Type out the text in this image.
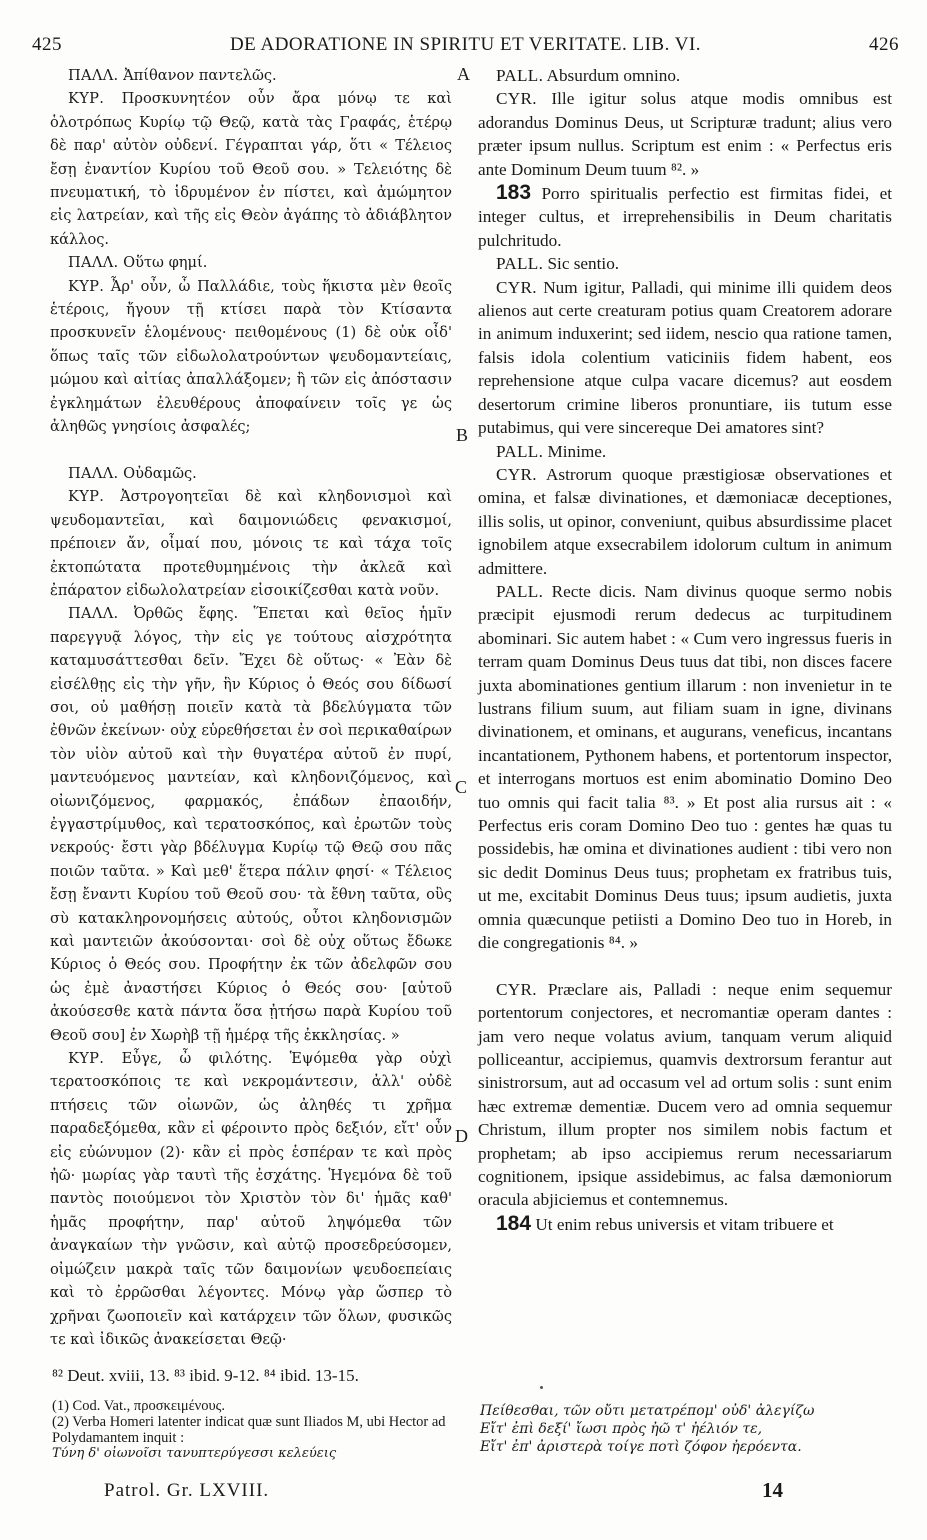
425	DE ADORATIONE IN SPIRITU ET VERITATE. LIB. VI.	426

ΠΑΛΛ. Ἀπίθανον παντελῶς.

ΚΥΡ. Προσκυνητέον οὖν ἄρα μόνῳ τε καὶ ὁλοτρόπως Κυρίῳ τῷ Θεῷ, κατὰ τὰς Γραφάς, ἑτέρῳ δὲ παρ' αὐτὸν οὐδενί. Γέγραπται γάρ, ὅτι « Τέλειος ἔσῃ ἐναντίον Κυρίου τοῦ Θεοῦ σου. » Τελειότης δὲ πνευματική, τὸ ἱδρυμένον ἐν πίστει, καὶ ἀμώμητον εἰς λατρείαν, καὶ τῆς εἰς Θεὸν ἀγάπης τὸ ἀδιάβλητον κάλλος.

ΠΑΛΛ. Οὕτω φημί.

ΚΥΡ. Ἆρ' οὖν, ὦ Παλλάδιε, τοὺς ἥκιστα μὲν θεοῖς ἑτέροις, ἤγουν τῇ κτίσει παρὰ τὸν Κτίσαντα προσκυνεῖν ἑλομένους· πειθομένους (1) δὲ οὐκ οἶδ' ὅπως ταῖς τῶν εἰδωλολατρούντων ψευδομαντείαις, μώμου καὶ αἰτίας ἀπαλλάξομεν; ἢ τῶν εἰς ἀπόστασιν ἐγκλημάτων ἐλευθέρους ἀποφαίνειν τοῖς γε ὡς ἀληθῶς γνησίοις ἀσφαλές;

ΠΑΛΛ. Οὐδαμῶς.

ΚΥΡ. Ἀστρογοητεῖαι δὲ καὶ κληδονισμοὶ καὶ ψευδομαντεῖαι, καὶ δαιμονιώδεις φενακισμοί, πρέποιεν ἄν, οἶμαί που, μόνοις τε καὶ τάχα τοῖς ἐκτοπώτατα προτεθυμημένοις τὴν ἀκλεᾶ καὶ ἐπάρατον εἰδωλολατρείαν εἰσοικίζεσθαι κατὰ νοῦν.

ΠΑΛΛ. Ὀρθῶς ἔφης. Ἕπεται καὶ θεῖος ἡμῖν παρεγγυᾷ λόγος, τὴν εἰς γε τούτους αἰσχρότητα καταμυσάττεσθαι δεῖν. Ἔχει δὲ οὕτως· « Ἐὰν δὲ εἰσέλθῃς εἰς τὴν γῆν, ἣν Κύριος ὁ Θεός σου δίδωσί σοι, οὐ μαθήσῃ ποιεῖν κατὰ τὰ βδελύγματα τῶν ἐθνῶν ἐκείνων· οὐχ εὑρεθήσεται ἐν σοὶ περικαθαίρων τὸν υἱὸν αὐτοῦ καὶ τὴν θυγατέρα αὐτοῦ ἐν πυρί, μαντευόμενος μαντείαν, καὶ κληδονιζόμενος, καὶ οἰωνιζόμενος, φαρμακός, ἐπάδων ἐπαοιδήν, ἐγγαστρίμυθος, καὶ τερατοσκόπος, καὶ ἐρωτῶν τοὺς νεκρούς· ἔστι γὰρ βδέλυγμα Κυρίῳ τῷ Θεῷ σου πᾶς ποιῶν ταῦτα. » Καὶ μεθ' ἕτερα πάλιν φησί· « Τέλειος ἔσῃ ἔναντι Κυρίου τοῦ Θεοῦ σου· τὰ ἔθνη ταῦτα, οὓς σὺ κατακληρονομήσεις αὐτούς, οὗτοι κληδονισμῶν καὶ μαντειῶν ἀκούσονται· σοὶ δὲ οὐχ οὕτως ἔδωκε Κύριος ὁ Θεός σου. Προφήτην ἐκ τῶν ἀδελφῶν σου ὡς ἐμὲ ἀναστήσει Κύριος ὁ Θεός σου· [αὐτοῦ ἀκούσεσθε κατὰ πάντα ὅσα ᾐτήσω παρὰ Κυρίου τοῦ Θεοῦ σου] ἐν Χωρὴβ τῇ ἡμέρᾳ τῆς ἐκκλησίας. »

ΚΥΡ. Εὖγε, ὦ φιλότης. Ἑψόμεθα γὰρ οὐχὶ τερατοσκόποις τε καὶ νεκρομάντεσιν, ἀλλ' οὐδὲ πτήσεις τῶν οἰωνῶν, ὡς ἀληθές τι χρῆμα παραδεξόμεθα, κἂν εἰ φέροιντο πρὸς δεξιόν, εἴτ' οὖν εἰς εὐώνυμον (2)· κἂν εἰ πρὸς ἑσπέραν τε καὶ πρὸς ἠῶ· μωρίας γὰρ ταυτὶ τῆς ἐσχάτης. Ἡγεμόνα δὲ τοῦ παντὸς ποιούμενοι τὸν Χριστὸν τὸν δι' ἡμᾶς καθ' ἡμᾶς προφήτην, παρ' αὐτοῦ ληψόμεθα τῶν ἀναγκαίων τὴν γνῶσιν, καὶ αὐτῷ προσεδρεύσομεν, οἰμώζειν μακρὰ ταῖς τῶν δαιμονίων ψευδοεπείαις καὶ τὸ ἐρρῶσθαι λέγοντες. Μόνῳ γὰρ ὥσπερ τὸ χρῆναι ζωοποιεῖν καὶ κατάρχειν τῶν ὅλων, φυσικῶς τε καὶ ἰδικῶς ἀνακείσεται Θεῷ·

PALL. Absurdum omnino.

CYR. Ille igitur solus atque modis omnibus est adorandus Dominus Deus, ut Scripturæ tradunt; alius vero præter ipsum nullus. Scriptum est enim : « Perfectus eris ante Dominum Deum tuum ⁸². »

183 Porro spiritualis perfectio est firmitas fidei, et integer cultus, et irreprehensibilis in Deum charitatis pulchritudo.

PALL. Sic sentio.

CYR. Num igitur, Palladi, qui minime illi quidem deos alienos aut certe creaturam potius quam Creatorem adorare in animum induxerint; sed iidem, nescio qua ratione tamen, falsis idola colentium vaticiniis fidem habent, eos reprehensione atque culpa vacare dicemus? aut eosdem desertorum crimine liberos pronuntiare, iis tutum esse putabimus, qui vere sincereque Dei amatores sint?

PALL. Minime.

CYR. Astrorum quoque præstigiosæ observationes et omina, et falsæ divinationes, et dæmoniacæ deceptiones, illis solis, ut opinor, conveniunt, quibus absurdissime placet ignobilem atque exsecrabilem idolorum cultum in animum admittere.

PALL. Recte dicis. Nam divinus quoque sermo nobis præcipit ejusmodi rerum dedecus ac turpitudinem abominari. Sic autem habet : « Cum vero ingressus fueris in terram quam Dominus Deus tuus dat tibi, non disces facere juxta abominationes gentium illarum : non invenietur in te lustrans filium suum, aut filiam suam in igne, divinans divinationem, et ominans, et augurans, veneficus, incantans incantationem, Pythonem habens, et portentorum inspector, et interrogans mortuos est enim abominatio Domino Deo tuo omnis qui facit talia ⁸³. » Et post alia rursus ait : « Perfectus eris coram Domino Deo tuo : gentes hæ quas tu possidebis, hæ omina et divinationes audient : tibi vero non sic dedit Dominus Deus tuus; prophetam ex fratribus tuis, ut me, excitabit Dominus Deus tuus; ipsum audietis, juxta omnia quæcunque petiisti a Domino Deo tuo in Horeb, in die congregationis ⁸⁴. »

CYR. Præclare ais, Palladi : neque enim sequemur portentorum conjectores, et necromantiæ operam dantes : jam vero neque volatus avium, tanquam verum aliquid polliceantur, accipiemus, quamvis dextrorsum ferantur aut sinistrorsum, aut ad occasum vel ad ortum solis : sunt enim hæc extremæ dementiæ. Ducem vero ad omnia sequemur Christum, illum propter nos similem nobis factum et prophetam; ab ipso accipiemus rerum necessariarum cognitionem, ipsique assidebimus, ac falsa dæmoniorum oracula abjiciemus et contemnemus.

184 Ut enim rebus universis et vitam tribuere et

A
B
C
D
⁸² Deut. xviii, 13. ⁸³ ibid. 9-12. ⁸⁴ ibid. 13-15.
(1) Cod. Vat., προσκειμένους.
(2) Verba Homeri latenter indicat quæ sunt Iliados M, ubi Hector ad Polydamantem inquit :
Τύνη δ' οἰωνοῖσι τανυπτερύγεσσι κελεύεις
Πείθεσθαι, τῶν οὔτι μετατρέπομ' οὐδ' ἀλεγίζω
Εἴτ' ἐπὶ δεξί' ἴωσι πρὸς ἠῶ τ' ἠέλιόν τε,
Εἴτ' ἐπ' ἀριστερὰ τοίγε ποτὶ ζόφον ἠερόεντα.
Patrol. Gr. LXVIII.	14
